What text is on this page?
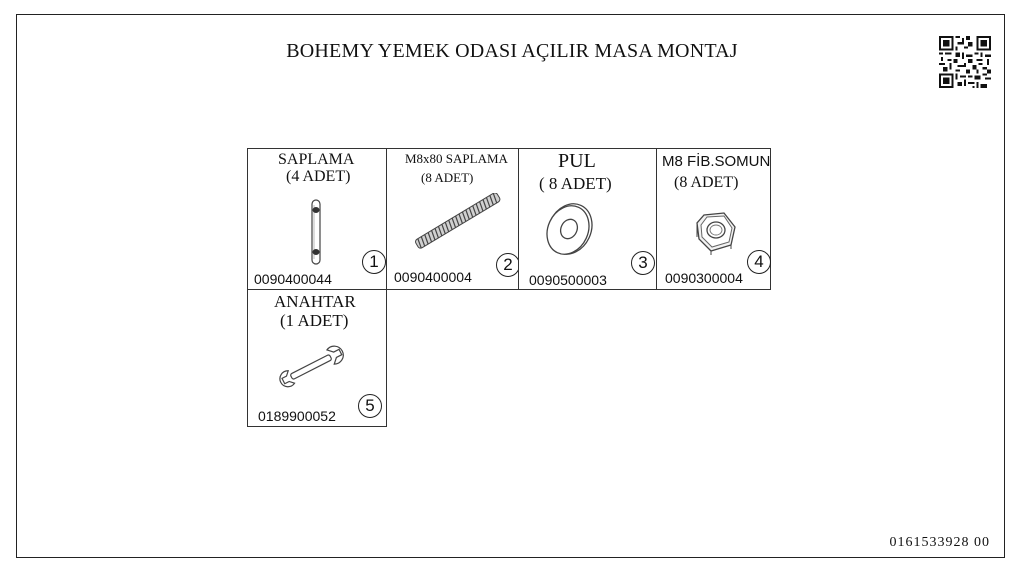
BOHEMY YEMEK ODASI AÇILIR MASA MONTAJ
0161533928 00
SAPLAMA
(4 ADET)
0090400044
1
M8x80 SAPLAMA
(8 ADET)
0090400004
2
PUL
( 8 ADET)
0090500003
3
M8 FİB.SOMUN
(8 ADET)
0090300004
4
ANAHTAR
(1 ADET)
0189900052
5
